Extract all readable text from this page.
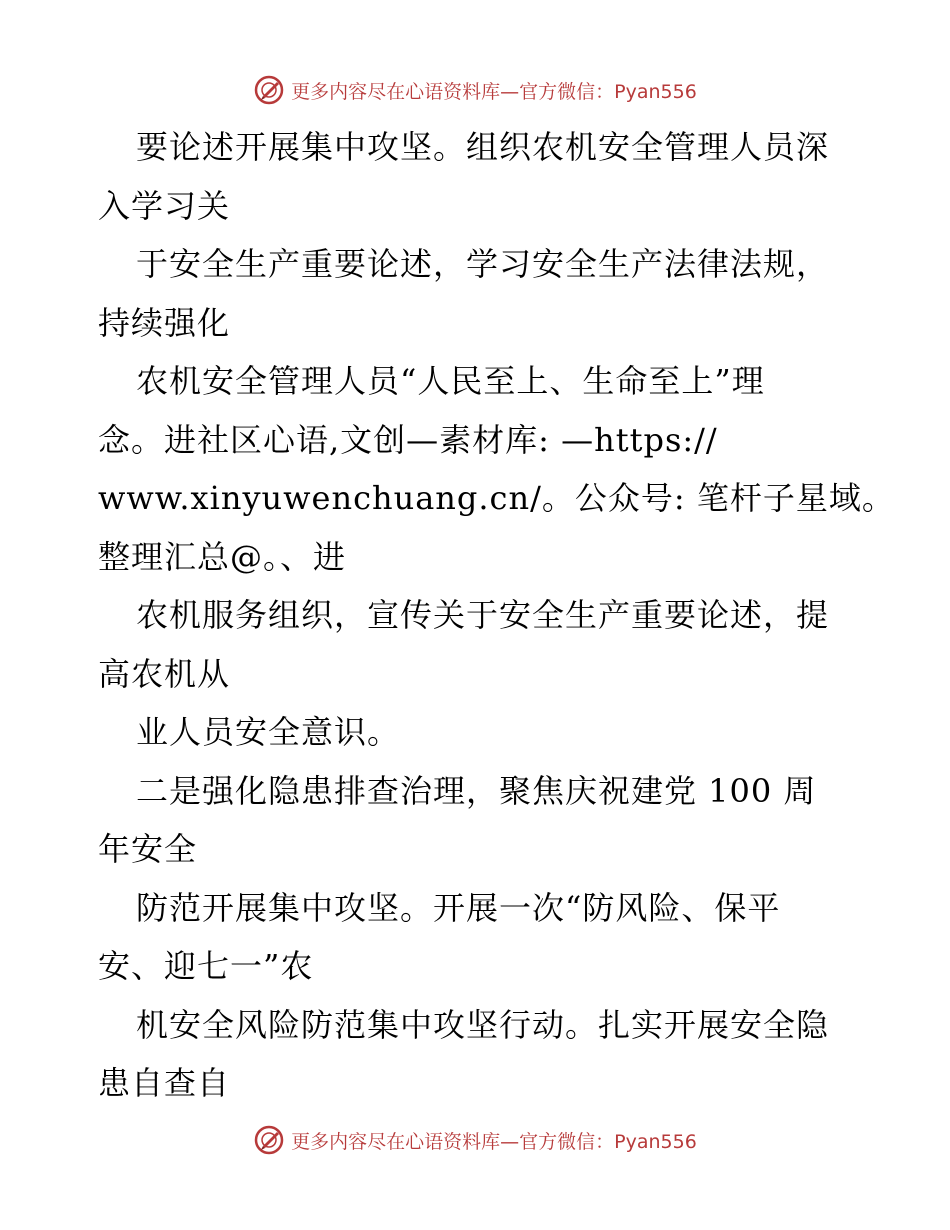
更多内容尽在心语资料库—官方微信：Pyan556
要论述开展集中攻坚。组织农机安全管理人员深
入学习关
于安全生产重要论述，学习安全生产法律法规，
持续强化
农机安全管理人员“人民至上、生命至上”理
念。进社区心语,文创—素材库: —https://
www.xinyuwenchuang.cn/。公众号: 笔杆子星域。
整理汇总@。、进
农机服务组织，宣传关于安全生产重要论述，提
高农机从
业人员安全意识。
二是强化隐患排查治理，聚焦庆祝建党 100 周
年安全
防范开展集中攻坚。开展一次“防风险、保平
安、迎七一”农
机安全风险防范集中攻坚行动。扎实开展安全隐
患自查自
更多内容尽在心语资料库—官方微信：Pyan556
